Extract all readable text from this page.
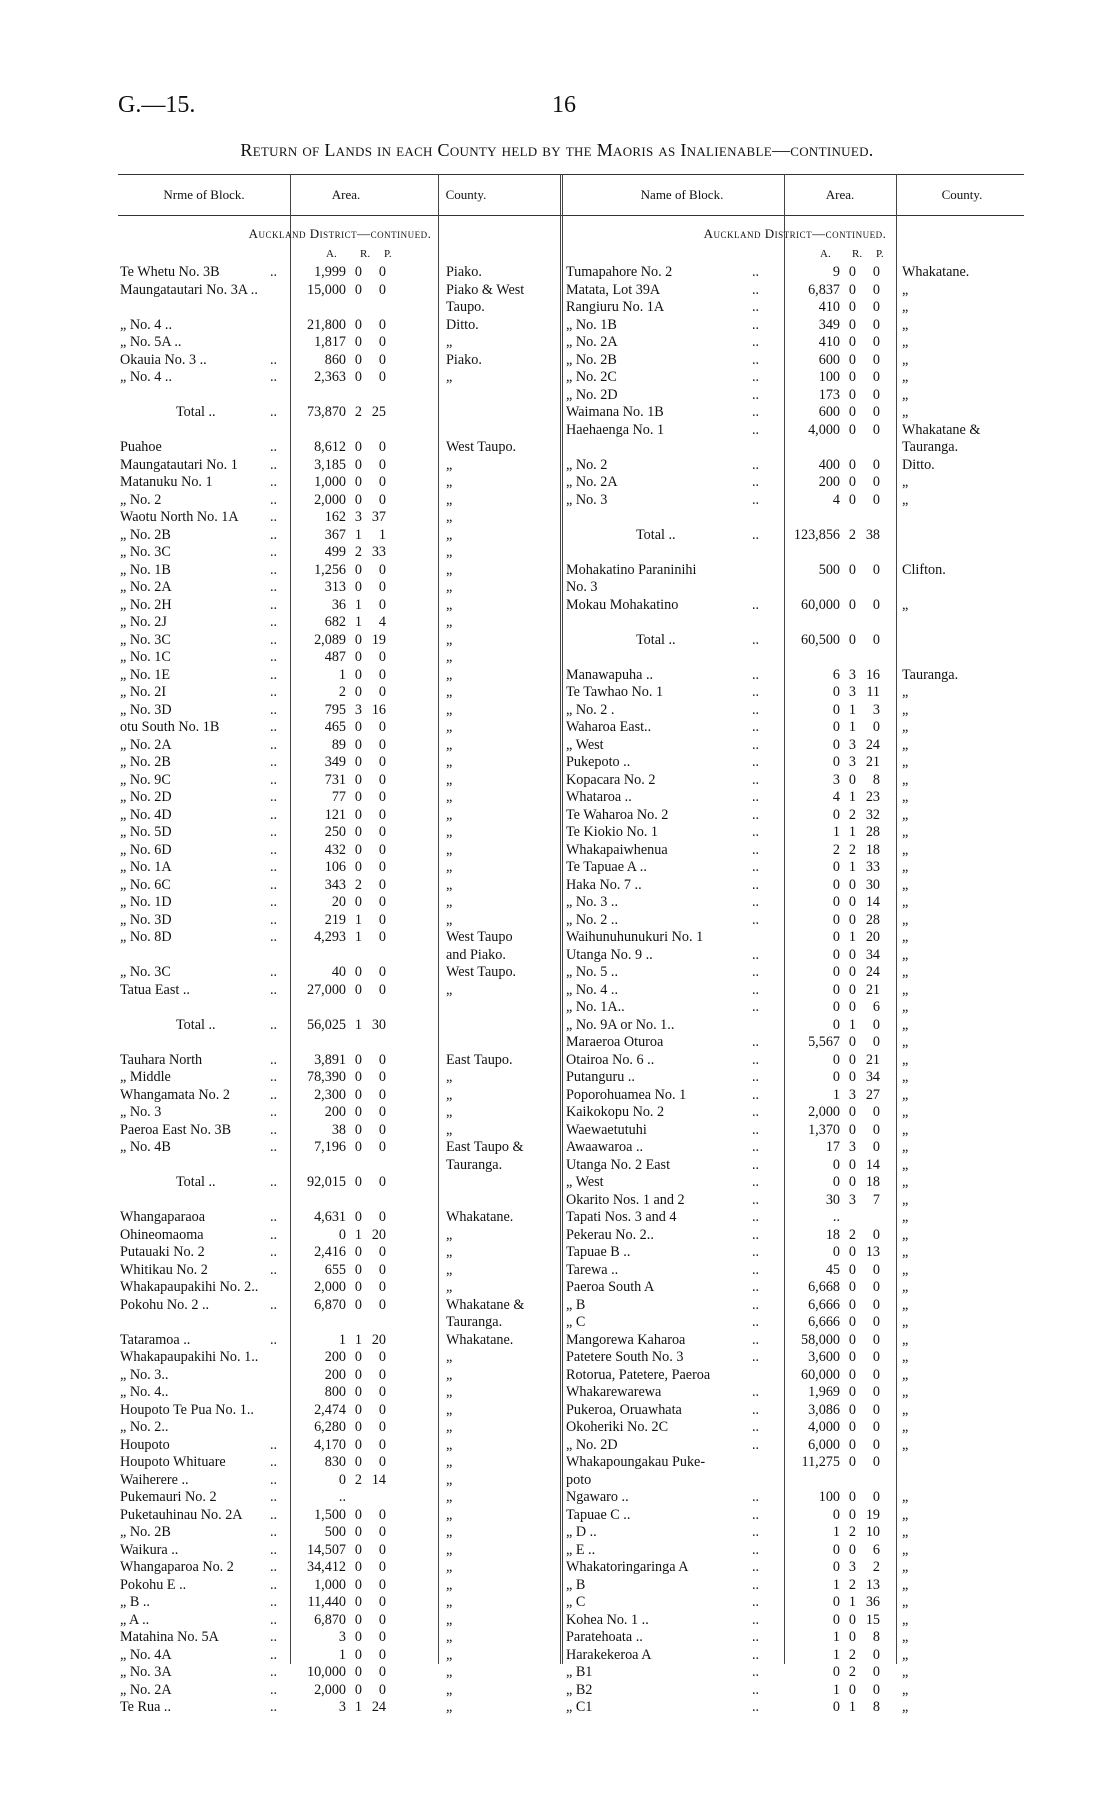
G.—15.	16
Return of Lands in each County held by the Maoris as Inalienable—continued.
Nrme of Block.	Area.	County.	Name of Block.	Area.	County.
Auckland District—continued.	Auckland District—continued.
A. R. P.	A. R. P.
Te Whetu No. 3B	..	1,999 0	0	Piako.
Maungatautari No. 3A ..	15,000 0	0	Piako & West
Taupo.
„ No. 4 ..	21,800 0	0	Ditto.
„ No. 5A ..	1,817 0	0	„
Okauia No. 3 ..	..	860 0	0	Piako.
„ No. 4 ..	..	2,363 0	0	„
Total ..	..	73,870 2 25
Puahoe	..	8,612 0	0	West Taupo.
Maungatautari No. 1	..	3,185 0	0	„
Matanuku No. 1	..	1,000 0	0	„
„ No. 2	..	2,000 0	0	„
Waotu North No. 1A	..	162 3 37	„
„ No. 2B	..	367 1	1	„
„ No. 3C	..	499 2 33	„
„ No. 1B	..	1,256 0	0	„
„ No. 2A	..	313 0	0	„
„ No. 2H	..	36 1	0	„
„ No. 2J	..	682 1	4	„
„ No. 3C	..	2,089 0 19	„
„ No. 1C	..	487 0	0	„
„ No. 1E	..	1 0	0	„
„ No. 2I	..	2 0	0	„
„ No. 3D	..	795 3 16	„
otu South No. 1B	..	465 0	0	„
„ No. 2A	..	89 0	0	„
„ No. 2B	..	349 0	0	„
„ No. 9C	..	731 0	0	„
„ No. 2D	..	77 0	0	„
„ No. 4D	..	121 0	0	„
„ No. 5D	..	250 0	0	„
„ No. 6D	..	432 0	0	„
„ No. 1A	..	106 0	0	„
„ No. 6C	..	343 2	0	„
„ No. 1D	..	20 0	0	„
„ No. 3D	..	219 1	0	„
„ No. 8D	..	4,293 1	0	West Taupo
and Piako.
„ No. 3C	..	40 0	0	West Taupo.
Tatua East ..	..	27,000 0	0	„
Total ..	..	56,025 1 30
Tauhara North	..	3,891 0	0	East Taupo.
„ Middle	..	78,390 0	0	„
Whangamata No. 2	..	2,300 0	0	„
„ No. 3	..	200 0	0	„
Paeroa East No. 3B	..	38 0	0	„
„ No. 4B	..	7,196 0	0	East Taupo &
Tauranga.
Total ..	..	92,015 0	0
Whangaparaoa	..	4,631 0	0	Whakatane.
Ohineomaoma	..	0 1 20	„
Putauaki No. 2	..	2,416 0	0	„
Whitikau No. 2	..	655 0	0	„
Whakapaupakihi No. 2..	2,000 0	0	„
Pokohu No. 2 ..	..	6,870 0	0	Whakatane &
Tauranga.
Tataramoa ..	..	1 1 20	Whakatane.
Whakapaupakihi No. 1..	200 0	0	„
„ No. 3..	200 0	0	„
„ No. 4..	800 0	0	„
Houpoto Te Pua No. 1..	2,474 0	0	„
„ No. 2..	6,280 0	0	„
Houpoto	..	4,170 0	0	„
Houpoto Whituare	..	830 0	0	„
Waiherere ..	..	0 2 14	„
Pukemauri No. 2	..	..	„
Puketauhinau No. 2A	..	1,500 0	0	„
„ No. 2B	..	500 0	0	„
Waikura ..	..	14,507 0	0	„
Whangaparoa No. 2	..	34,412 0	0	„
Pokohu E ..	..	1,000 0	0	„
„ B ..	..	11,440 0	0	„
„ A ..	..	6,870 0	0	„
Matahina No. 5A	..	3 0	0	„
„ No. 4A	..	1 0	0	„
„ No. 3A	..	10,000 0	0	„
„ No. 2A	..	2,000 0	0	„
Te Rua ..	..	3 1 24	„
Tumapahore No. 2	..	9 0	0 Whakatane.
Matata, Lot 39A	..	6,837 0	0 „
Rangiuru No. 1A	..	410 0	0 „
„ No. 1B	..	349 0	0 „
„ No. 2A	..	410 0	0 „
„ No. 2B	..	600 0	0 „
„ No. 2C	..	100 0	0 „
„ No. 2D	..	173 0	0 „
Waimana No. 1B	..	600 0	0 „
Haehaenga No. 1	..	4,000 0	0 Whakatane &
Tauranga.
„ No. 2	..	400 0	0 Ditto.
„ No. 2A	..	200 0	0 „
„ No. 3	..	4 0	0 „
Total ..	..	123,856 2 38
Mohakatino Paraninihi	500 0	0 Clifton.
No. 3
Mokau Mohakatino	..	60,000 0	0 „
Total ..	..	60,500 0	0
Manawapuha ..	..	6 3 16 Tauranga.
Te Tawhao No. 1	..	0 3 11 „
„ No. 2 .	..	0 1	3 „
Waharoa East..	..	0 1	0 „
„ West	..	0 3 24 „
Pukepoto ..	..	0 3 21 „
Kopacara No. 2	..	3 0	8 „
Whataroa ..	..	4 1 23 „
Te Waharoa No. 2	..	0 2 32 „
Te Kiokio No. 1	..	1 1 28 „
Whakapaiwhenua	..	2 2 18 „
Te Tapuae A ..	..	0 1 33 „
Haka No. 7 ..	..	0 0 30 „
„ No. 3 ..	..	0 0 14 „
„ No. 2 ..	..	0 0 28 „
Waihunuhunukuri No. 1	0 1 20 „
Utanga No. 9 ..	..	0 0 34 „
„ No. 5 ..	..	0 0 24 „
„ No. 4 ..	..	0 0 21 „
„ No. 1A..	..	0 0	6 „
„ No. 9A or No. 1..	0 1	0 „
Maraeroa Oturoa	..	5,567 0	0 „
Otairoa No. 6 ..	..	0 0 21 „
Putanguru ..	..	0 0 34 „
Poporohuamea No. 1	..	1 3 27 „
Kaikokopu No. 2	..	2,000 0	0 „
Waewaetutuhi	..	1,370 0	0 „
Awaawaroa ..	..	17 3	0 „
Utanga No. 2 East	..	0 0 14 „
„ West	..	0 0 18 „
Okarito Nos. 1 and 2	..	30 3	7 „
Tapati Nos. 3 and 4	..	..	„
Pekerau No. 2..	..	18 2	0 „
Tapuae B ..	..	0 0 13 „
Tarewa ..	..	45 0	0 „
Paeroa South A	..	6,668 0	0 „
„ B	..	6,666 0	0 „
„ C	..	6,666 0	0 „
Mangorewa Kaharoa	..	58,000 0	0 „
Patetere South No. 3	..	3,600 0	0 „
Rotorua, Patetere, Paeroa	60,000 0	0 „
Whakarewarewa	..	1,969 0	0 „
Pukeroa, Oruawhata	..	3,086 0	0 „
Okoheriki No. 2C	..	4,000 0	0 „
„ No. 2D	..	6,000 0	0 „
Whakapoungakau Puke-	11,275 0	0
poto
Ngawaro ..	..	100 0	0 „
Tapuae C ..	..	0 0 19 „
„ D ..	..	1 2 10 „
„ E ..	..	0 0	6 „
Whakatoringaringa A	..	0 3	2 „
„ B	..	1 2 13 „
„ C	..	0 1 36 „
Kohea No. 1 ..	..	0 0 15 „
Paratehoata ..	..	1 0	8 „
Harakekeroa A	..	1 2	0 „
„ B1	..	0 2	0 „
„ B2	..	1 0	0 „
„ C1	..	0 1	8 „
